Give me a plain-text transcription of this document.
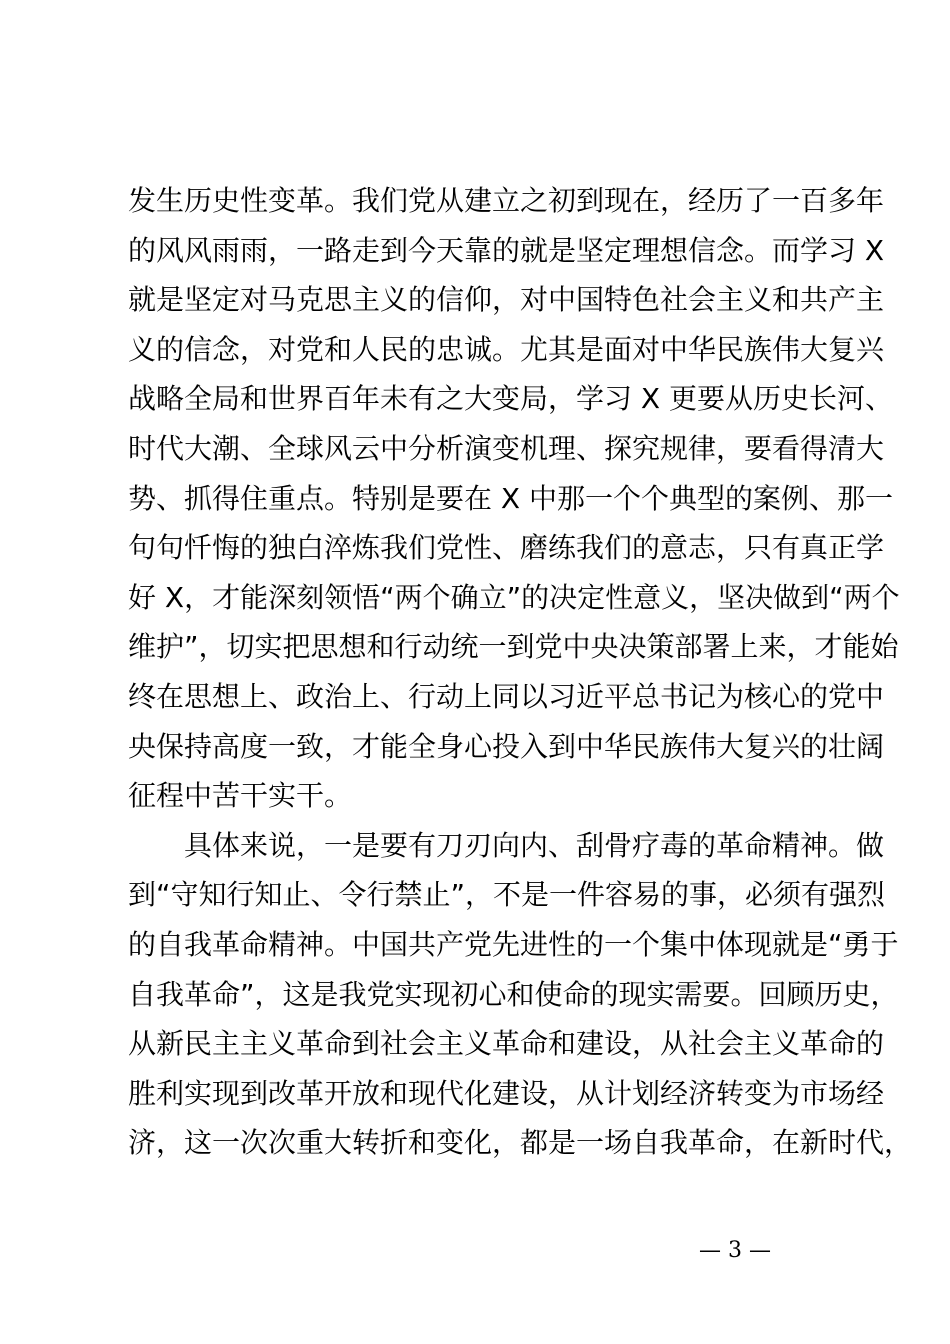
发生历史性变革。我们党从建立之初到现在，经历了一百多年
的风风雨雨，一路走到今天靠的就是坚定理想信念。而学习 X
就是坚定对马克思主义的信仰，对中国特色社会主义和共产主
义的信念，对党和人民的忠诚。尤其是面对中华民族伟大复兴
战略全局和世界百年未有之大变局，学习 X 更要从历史长河、
时代大潮、全球风云中分析演变机理、探究规律，要看得清大
势、抓得住重点。特别是要在 X 中那一个个典型的案例、那一
句句忏悔的独白淬炼我们党性、磨练我们的意志，只有真正学
好 X，才能深刻领悟“两个确立”的决定性意义，坚决做到“两个
维护”，切实把思想和行动统一到党中央决策部署上来，才能始
终在思想上、政治上、行动上同以习近平总书记为核心的党中
央保持高度一致，才能全身心投入到中华民族伟大复兴的壮阔
征程中苦干实干。
具体来说，一是要有刀刃向内、刮骨疗毒的革命精神。做
到“守知行知止、令行禁止”，不是一件容易的事，必须有强烈
的自我革命精神。中国共产党先进性的一个集中体现就是“勇于
自我革命”，这是我党实现初心和使命的现实需要。回顾历史，
从新民主主义革命到社会主义革命和建设，从社会主义革命的
胜利实现到改革开放和现代化建设，从计划经济转变为市场经
济，这一次次重大转折和变化，都是一场自我革命，在新时代，
— 3 —
